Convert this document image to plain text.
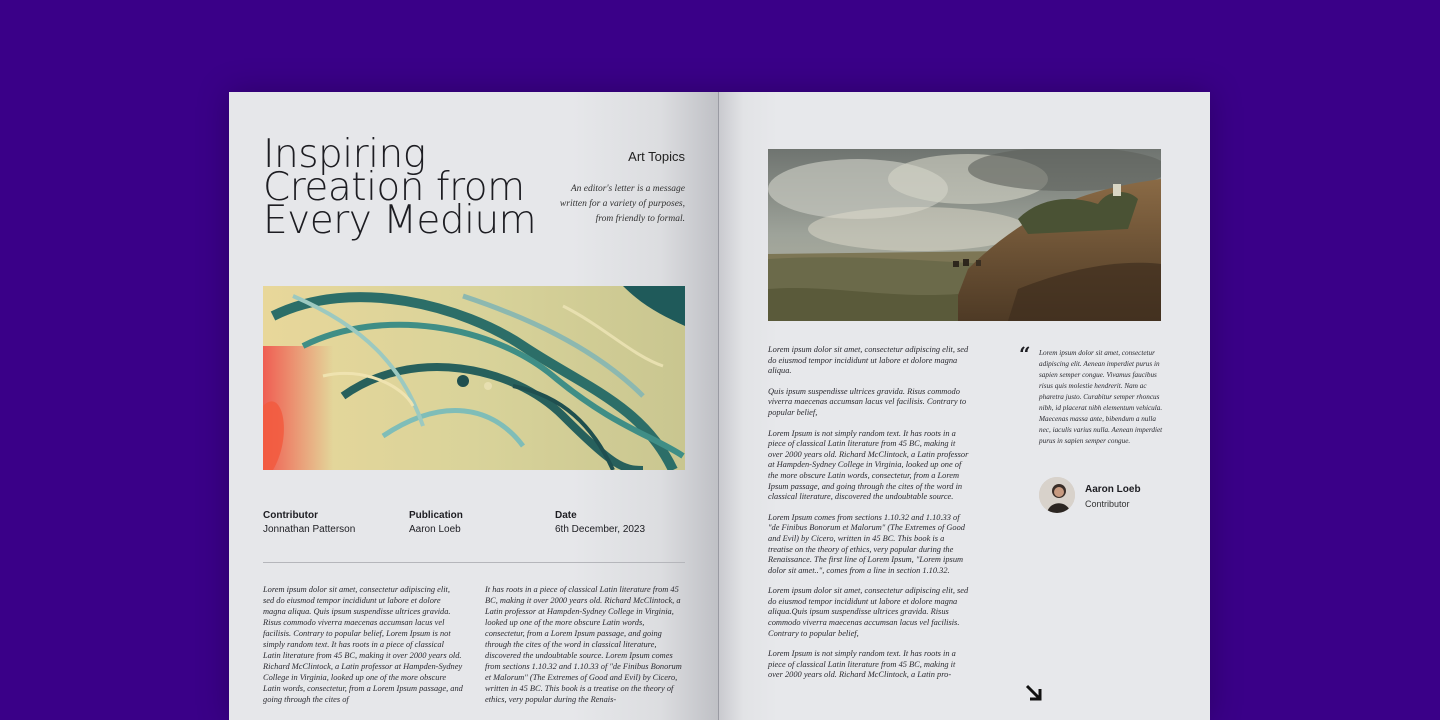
Inspiring
Creation from
Every Medium
Art Topics
An editor's letter is a message written for a variety of purposes, from friendly to formal.
Contributor
Jonnathan Patterson
Publication
Aaron Loeb
Date
6th December, 2023

Lorem ipsum dolor sit amet, consectetur adipiscing elit, sed do eiusmod tempor incididunt ut labore et dolore magna aliqua. Quis ipsum suspendisse ultrices gravida. Risus commodo viverra maecenas accumsan lacus vel facilisis. Contrary to popular belief, Lorem Ipsum is not simply random text. It has roots in a piece of classical Latin literature from 45 BC, making it over 2000 years old. Richard McClintock, a Latin professor at Hampden-Sydney College in Virginia, looked up one of the more obscure Latin words, consectetur, from a Lorem Ipsum passage, and going through the cites of

It has roots in a piece of classical Latin literature from 45 BC, making it over 2000 years old. Richard McClintock, a Latin professor at Hampden-Sydney College in Virginia, looked up one of the more obscure Latin words, consectetur, from a Lorem Ipsum passage, and going through the cites of the word in classical literature, discovered the undoubtable source. Lorem Ipsum comes from sections 1.10.32 and 1.10.33 of "de Finibus Bonorum et Malorum" (The Extremes of Good and Evil) by Cicero, written in 45 BC. This book is a treatise on the theory of ethics, very popular during the Renais-

Lorem ipsum dolor sit amet, consectetur adipiscing elit, sed do eiusmod tempor incididunt ut labore et dolore magna aliqua.

Quis ipsum suspendisse ultrices gravida. Risus commodo viverra maecenas accumsan lacus vel facilisis. Contrary to popular belief,

Lorem Ipsum is not simply random text. It has roots in a piece of classical Latin literature from 45 BC, making it over 2000 years old. Richard McClintock, a Latin professor at Hampden-Sydney College in Virginia, looked up one of the more obscure Latin words, consectetur, from a Lorem Ipsum passage, and going through the cites of the word in classical literature, discovered the undoubtable source.

Lorem Ipsum comes from sections 1.10.32 and 1.10.33 of "de Finibus Bonorum et Malorum" (The Extremes of Good and Evil) by Cicero, written in 45 BC. This book is a treatise on the theory of ethics, very popular during the Renaissance. The first line of Lorem Ipsum, "Lorem ipsum dolor sit amet..", comes from a line in section 1.10.32.

Lorem ipsum dolor sit amet, consectetur adipiscing elit, sed do eiusmod tempor incididunt ut labore et dolore magna aliqua.Quis ipsum suspendisse ultrices gravida. Risus commodo viverra maecenas accumsan lacus vel facilisis. Contrary to popular belief,

Lorem Ipsum is not simply random text. It has roots in a piece of classical Latin literature from 45 BC, making it over 2000 years old. Richard McClintock, a Latin pro-

“ Lorem ipsum dolor sit amet, consectetur adipiscing elit. Aenean imperdiet purus in sapien semper congue. Vivamus faucibus risus quis molestie hendrerit. Nam ac pharetra justo. Curabitur semper rhoncus nibh, id placerat nibh elementum vehicula. Maecenas massa ante, bibendum a nulla nec, iaculis varius nulla. Aenean imperdiet purus in sapien semper congue.

Aaron Loeb
Contributor
